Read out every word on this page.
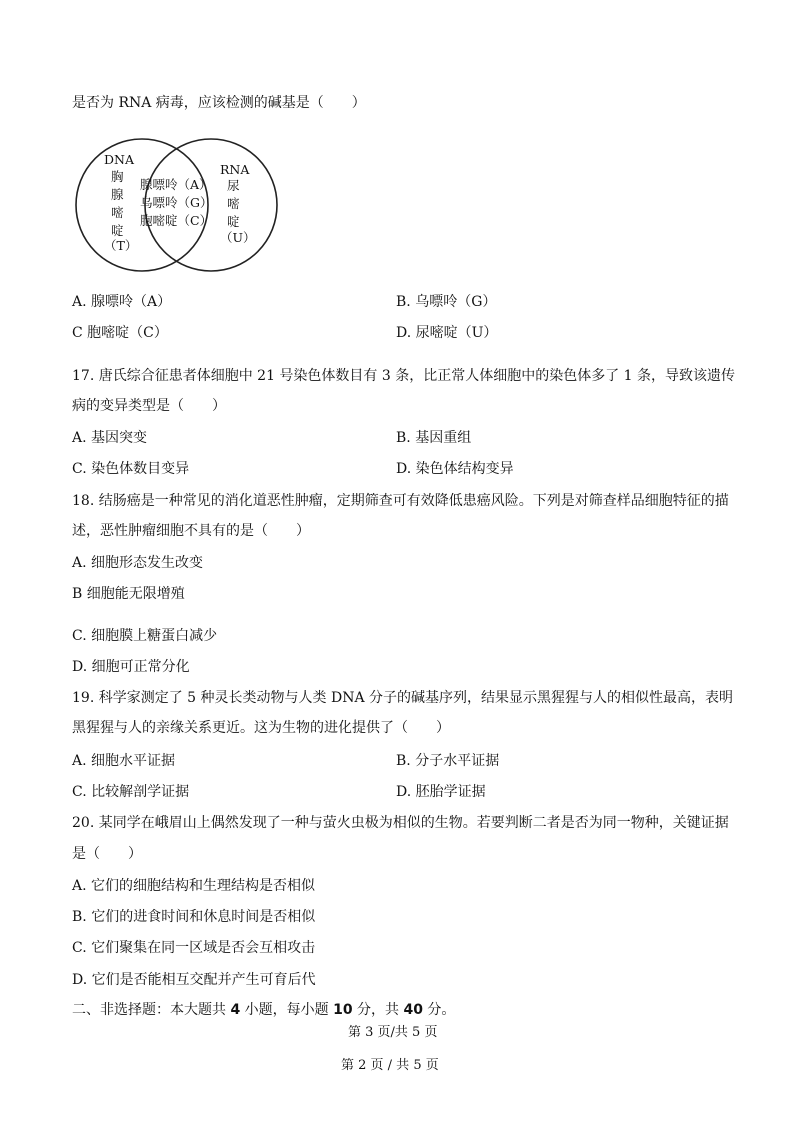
是否为 RNA 病毒，应该检测的碱基是（　　）
DNA
胸
腺
嘧
啶
（T）
腺嘌呤（A）
乌嘌呤（G）
胞嘧啶（C）
RNA
尿
嘧
啶
（U）
A. 腺嘌呤（A）	B. 乌嘌呤（G）
C 胞嘧啶（C）	D. 尿嘧啶（U）
17. 唐氏综合征患者体细胞中 21 号染色体数目有 3 条，比正常人体细胞中的染色体多了 1 条，导致该遗传
病的变异类型是（　　）
A. 基因突变	B. 基因重组
C. 染色体数目变异	D. 染色体结构变异
18. 结肠癌是一种常见的消化道恶性肿瘤，定期筛查可有效降低患癌风险。下列是对筛查样品细胞特征的描
述，恶性肿瘤细胞不具有的是（　　）
A. 细胞形态发生改变
B 细胞能无限增殖
C. 细胞膜上糖蛋白减少
D. 细胞可正常分化
19. 科学家测定了 5 种灵长类动物与人类 DNA 分子的碱基序列，结果显示黑猩猩与人的相似性最高，表明
黑猩猩与人的亲缘关系更近。这为生物的进化提供了（　　）
A. 细胞水平证据	B. 分子水平证据
C. 比较解剖学证据	D. 胚胎学证据
20. 某同学在峨眉山上偶然发现了一种与萤火虫极为相似的生物。若要判断二者是否为同一物种，关键证据
是（　　）
A. 它们的细胞结构和生理结构是否相似
B. 它们的进食时间和休息时间是否相似
C. 它们聚集在同一区域是否会互相攻击
D. 它们是否能相互交配并产生可育后代
二、非选择题：本大题共 4 小题，每小题 10 分，共 40 分。
第 3 页/共 5 页
第 2 页 / 共 5 页
